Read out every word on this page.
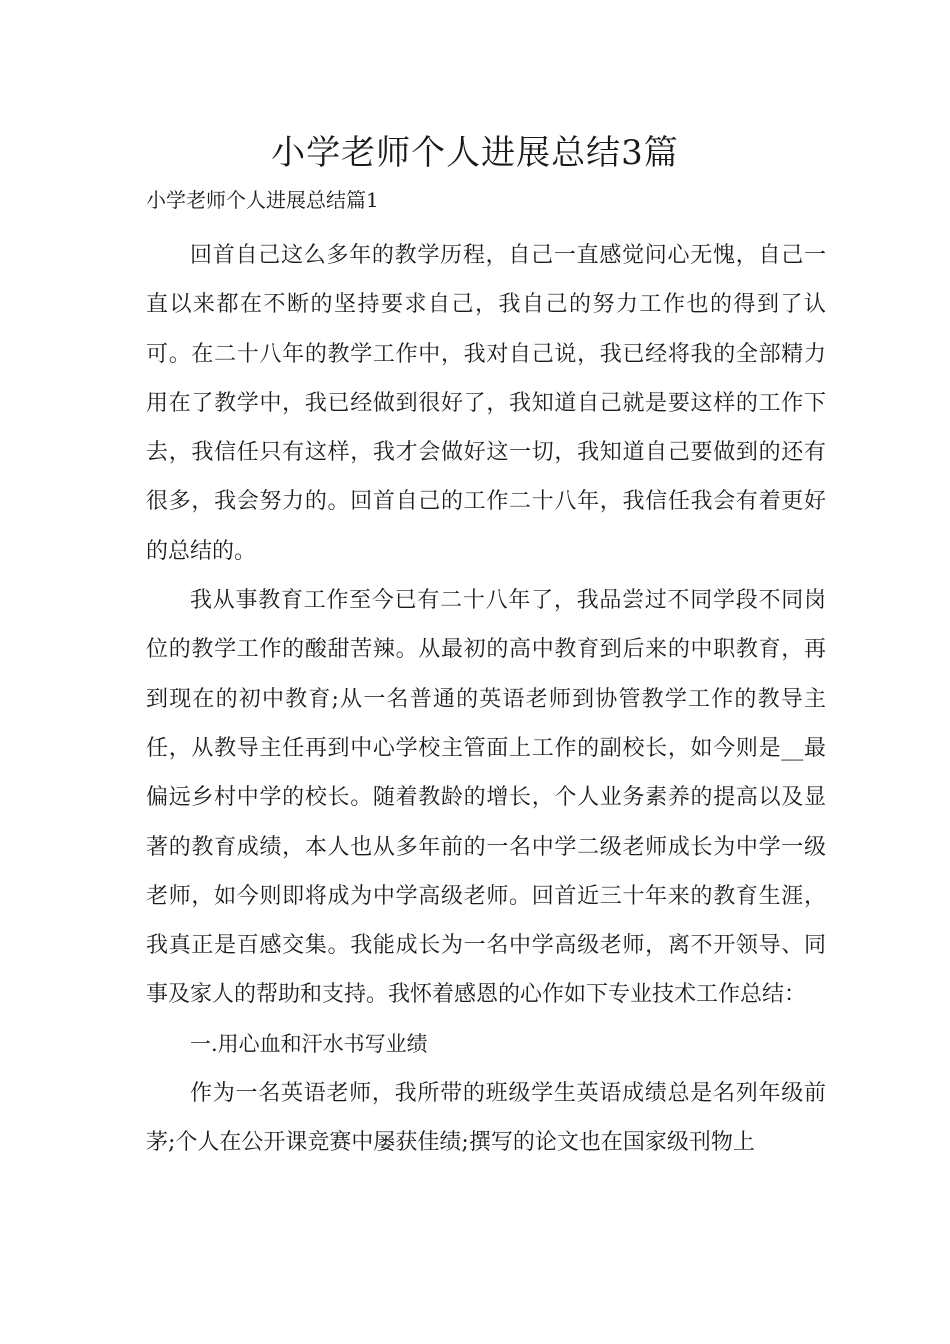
小学老师个人进展总结3篇
小学老师个人进展总结篇1

回首自己这么多年的教学历程，自己一直感觉问心无愧，自己一直以来都在不断的坚持要求自己，我自己的努力工作也的得到了认可。在二十八年的教学工作中，我对自己说，我已经将我的全部精力用在了教学中，我已经做到很好了，我知道自己就是要这样的工作下去，我信任只有这样，我才会做好这一切，我知道自己要做到的还有很多，我会努力的。回首自己的工作二十八年，我信任我会有着更好的总结的。

我从事教育工作至今已有二十八年了，我品尝过不同学段不同岗位的教学工作的酸甜苦辣。从最初的高中教育到后来的中职教育，再到现在的初中教育;从一名普通的英语老师到协管教学工作的教导主任，从教导主任再到中心学校主管面上工作的副校长，如今则是__最偏远乡村中学的校长。随着教龄的增长，个人业务素养的提高以及显著的教育成绩，本人也从多年前的一名中学二级老师成长为中学一级老师，如今则即将成为中学高级老师。回首近三十年来的教育生涯，我真正是百感交集。我能成长为一名中学高级老师，离不开领导、同事及家人的帮助和支持。我怀着感恩的心作如下专业技术工作总结：

一.用心血和汗水书写业绩

作为一名英语老师，我所带的班级学生英语成绩总是名列年级前茅;个人在公开课竞赛中屡获佳绩;撰写的论文也在国家级刊物上
